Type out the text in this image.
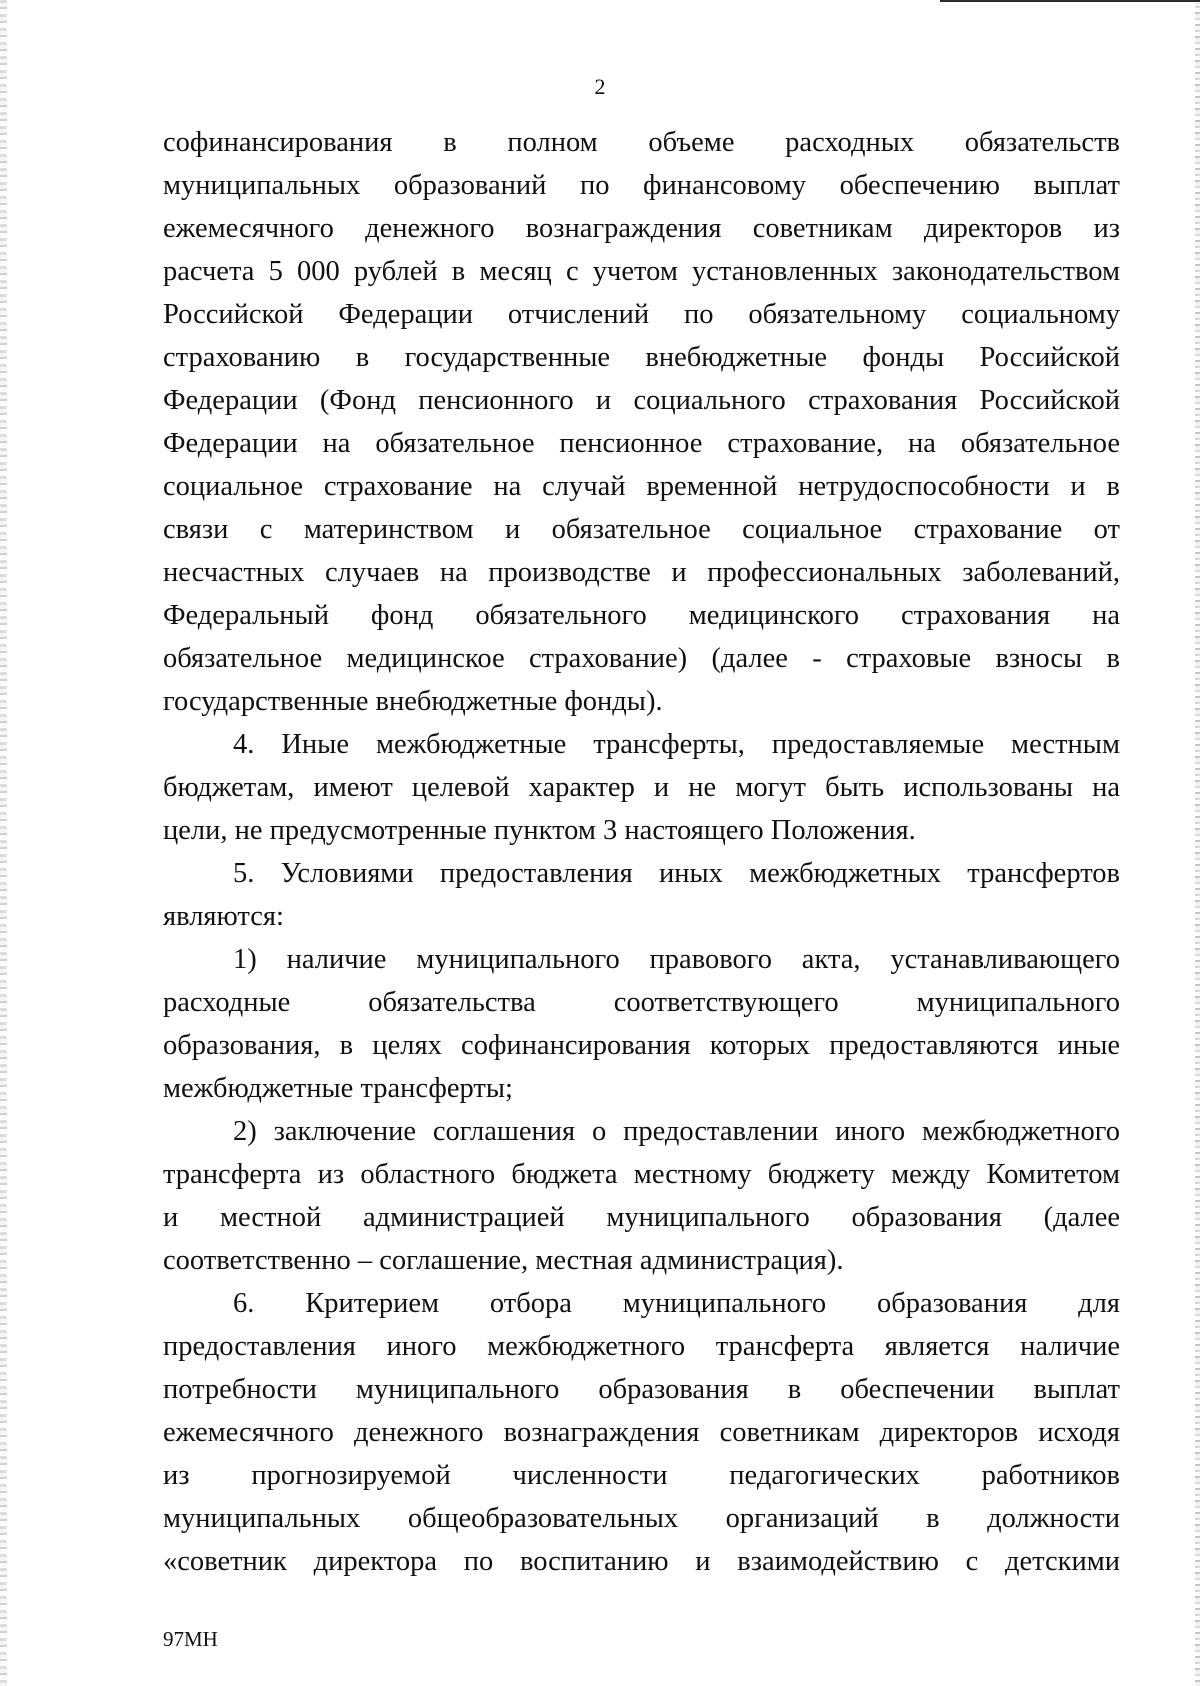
2
софинансирования в полном объеме расходных обязательств
муниципальных образований по финансовому обеспечению выплат
ежемесячного денежного вознаграждения советникам директоров из
расчета 5 000 рублей в месяц с учетом установленных законодательством
Российской Федерации отчислений по обязательному социальному
страхованию в государственные внебюджетные фонды Российской
Федерации (Фонд пенсионного и социального страхования Российской
Федерации на обязательное пенсионное страхование, на обязательное
социальное страхование на случай временной нетрудоспособности и в
связи с материнством и обязательное социальное страхование от
несчастных случаев на производстве и профессиональных заболеваний,
Федеральный фонд обязательного медицинского страхования на
обязательное медицинское страхование) (далее - страховые взносы в
государственные внебюджетные фонды).
4. Иные межбюджетные трансферты, предоставляемые местным
бюджетам, имеют целевой характер и не могут быть использованы на
цели, не предусмотренные пунктом 3 настоящего Положения.
5. Условиями предоставления иных межбюджетных трансфертов
являются:
1) наличие муниципального правового акта, устанавливающего
расходные обязательства соответствующего муниципального
образования, в целях софинансирования которых предоставляются иные
межбюджетные трансферты;
2) заключение соглашения о предоставлении иного межбюджетного
трансферта из областного бюджета местному бюджету между Комитетом
и местной администрацией муниципального образования (далее
соответственно – соглашение, местная администрация).
6. Критерием отбора муниципального образования для
предоставления иного межбюджетного трансферта является наличие
потребности муниципального образования в обеспечении выплат
ежемесячного денежного вознаграждения советникам директоров исходя
из прогнозируемой численности педагогических работников
муниципальных общеобразовательных организаций в должности
«советник директора по воспитанию и взаимодействию с детскими
97МН
